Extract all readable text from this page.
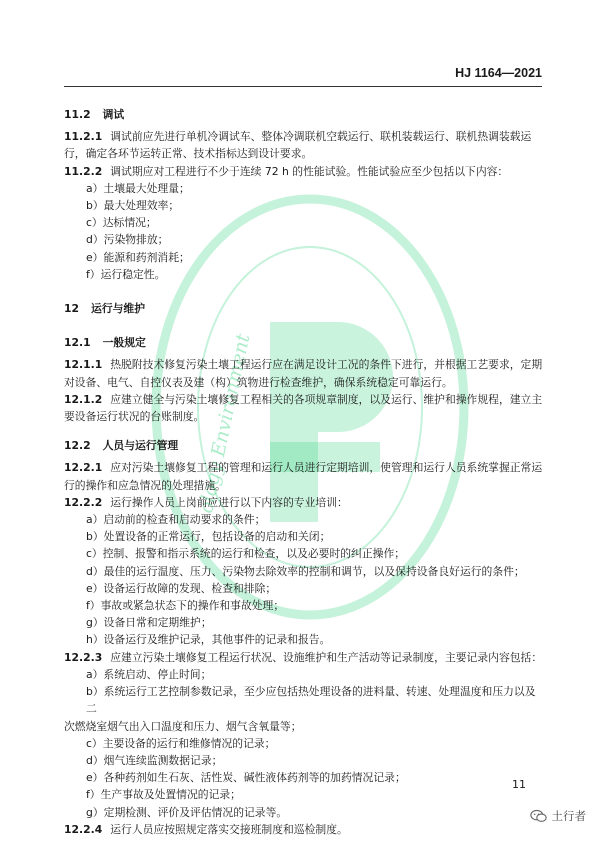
ology Environment
HJ 1164—2021

11.2 调试

11.2.1 调试前应先进行单机冷调试车、整体冷调联机空载运行、联机装载运行、联机热调装载运行，确定各环节运转正常、技术指标达到设计要求。

11.2.2 调试期应对工程进行不少于连续 72 h 的性能试验。性能试验应至少包括以下内容：

a）土壤最大处理量；

b）最大处理效率；

c）达标情况；

d）污染物排放；

e）能源和药剂消耗；

f）运行稳定性。

12 运行与维护

12.1 一般规定

12.1.1 热脱附技术修复污染土壤工程运行应在满足设计工况的条件下进行，并根据工艺要求，定期对设备、电气、自控仪表及建（构）筑物进行检查维护，确保系统稳定可靠运行。

12.1.2 应建立健全与污染土壤修复工程相关的各项规章制度，以及运行、维护和操作规程，建立主要设备运行状况的台账制度。

12.2 人员与运行管理

12.2.1 应对污染土壤修复工程的管理和运行人员进行定期培训，使管理和运行人员系统掌握正常运行的操作和应急情况的处理措施。

12.2.2 运行操作人员上岗前应进行以下内容的专业培训：

a）启动前的检查和启动要求的条件；

b）处置设备的正常运行，包括设备的启动和关闭；

c）控制、报警和指示系统的运行和检查，以及必要时的纠正操作；

d）最佳的运行温度、压力、污染物去除效率的控制和调节，以及保持设备良好运行的条件；

e）设备运行故障的发现、检查和排除；

f）事故或紧急状态下的操作和事故处理；

g）设备日常和定期维护；

h）设备运行及维护记录，其他事件的记录和报告。

12.2.3 应建立污染土壤修复工程运行状况、设施维护和生产活动等记录制度，主要记录内容包括：

a）系统启动、停止时间；

b）系统运行工艺控制参数记录，至少应包括热处理设备的进料量、转速、处理温度和压力以及二

次燃烧室烟气出入口温度和压力、烟气含氧量等；

c）主要设备的运行和维修情况的记录；

d）烟气连续监测数据记录；

e）各种药剂如生石灰、活性炭、碱性液体药剂等的加药情况记录；

f）生产事故及处置情况的记录；

g）定期检测、评价及评估情况的记录等。

12.2.4 运行人员应按照规定落实交接班制度和巡检制度。

11
土行者
